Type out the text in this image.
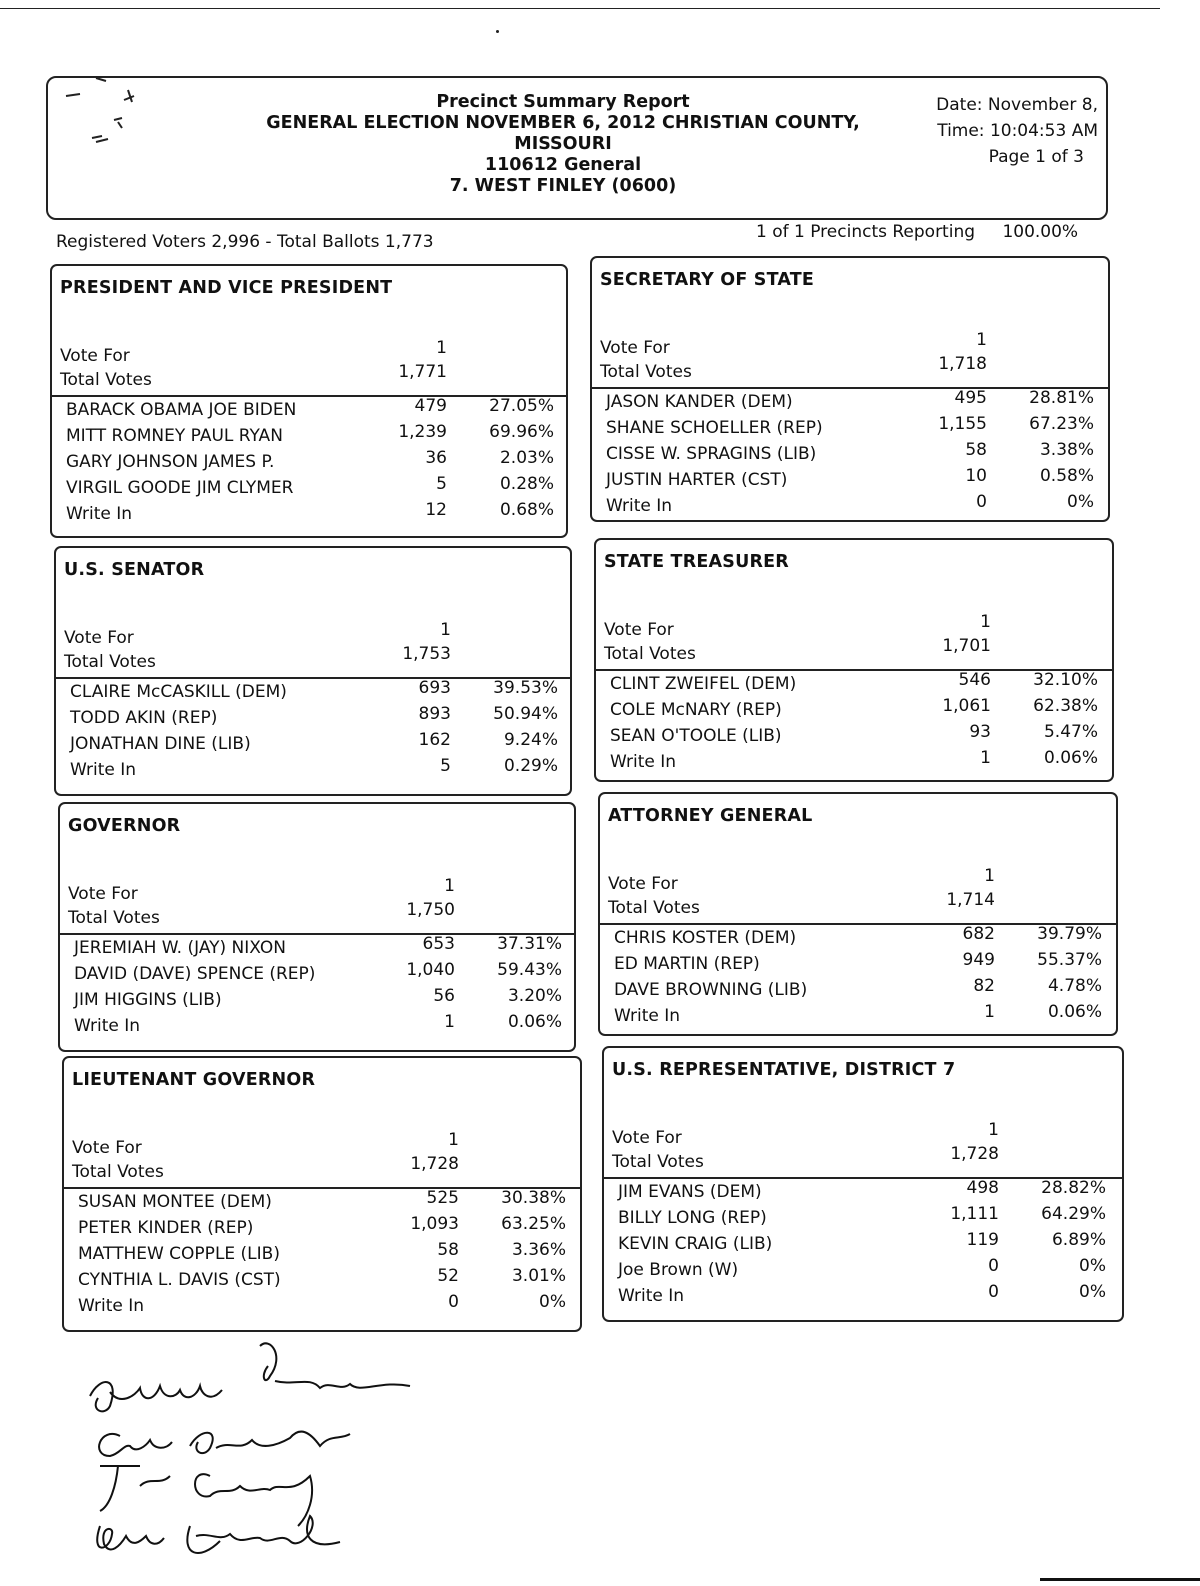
Precinct Summary Report
GENERAL ELECTION NOVEMBER 6, 2012 CHRISTIAN COUNTY,
MISSOURI
110612 General
7. WEST FINLEY (0600)
Date: November 8,
Time: 10:04:53 AM
Page 1 of 3
Registered Voters 2,996 - Total Ballots 1,773	1 of 1 Precincts Reporting 100.00%
PRESIDENT AND VICE PRESIDENT
Vote For
Total Votes
1
1,771
BARACK OBAMA JOE BIDEN	479	27.05%
MITT ROMNEY PAUL RYAN	1,239	69.96%
GARY JOHNSON JAMES P.	36	2.03%
VIRGIL GOODE JIM CLYMER	5	0.28%
Write In	12	0.68%
SECRETARY OF STATE
Vote For
Total Votes
1
1,718
JASON KANDER (DEM)	495	28.81%
SHANE SCHOELLER (REP)	1,155	67.23%
CISSE W. SPRAGINS (LIB)	58	3.38%
JUSTIN HARTER (CST)	10	0.58%
Write In	0	0%
U.S. SENATOR
Vote For
Total Votes
1
1,753
CLAIRE McCASKILL (DEM)	693	39.53%
TODD AKIN (REP)	893	50.94%
JONATHAN DINE (LIB)	162	9.24%
Write In	5	0.29%
STATE TREASURER
Vote For
Total Votes
1
1,701
CLINT ZWEIFEL (DEM)	546	32.10%
COLE McNARY (REP)	1,061	62.38%
SEAN O'TOOLE (LIB)	93	5.47%
Write In	1	0.06%
GOVERNOR
Vote For
Total Votes
1
1,750
JEREMIAH W. (JAY) NIXON	653	37.31%
DAVID (DAVE) SPENCE (REP)	1,040	59.43%
JIM HIGGINS (LIB)	56	3.20%
Write In	1	0.06%
ATTORNEY GENERAL
Vote For
Total Votes
1
1,714
CHRIS KOSTER (DEM)	682	39.79%
ED MARTIN (REP)	949	55.37%
DAVE BROWNING (LIB)	82	4.78%
Write In	1	0.06%
LIEUTENANT GOVERNOR
Vote For
Total Votes
1
1,728
SUSAN MONTEE (DEM)	525	30.38%
PETER KINDER (REP)	1,093	63.25%
MATTHEW COPPLE (LIB)	58	3.36%
CYNTHIA L. DAVIS (CST)	52	3.01%
Write In	0	0%
U.S. REPRESENTATIVE, DISTRICT 7
Vote For
Total Votes
1
1,728
JIM EVANS (DEM)	498	28.82%
BILLY LONG (REP)	1,111	64.29%
KEVIN CRAIG (LIB)	119	6.89%
Joe Brown (W)	0	0%
Write In	0	0%
